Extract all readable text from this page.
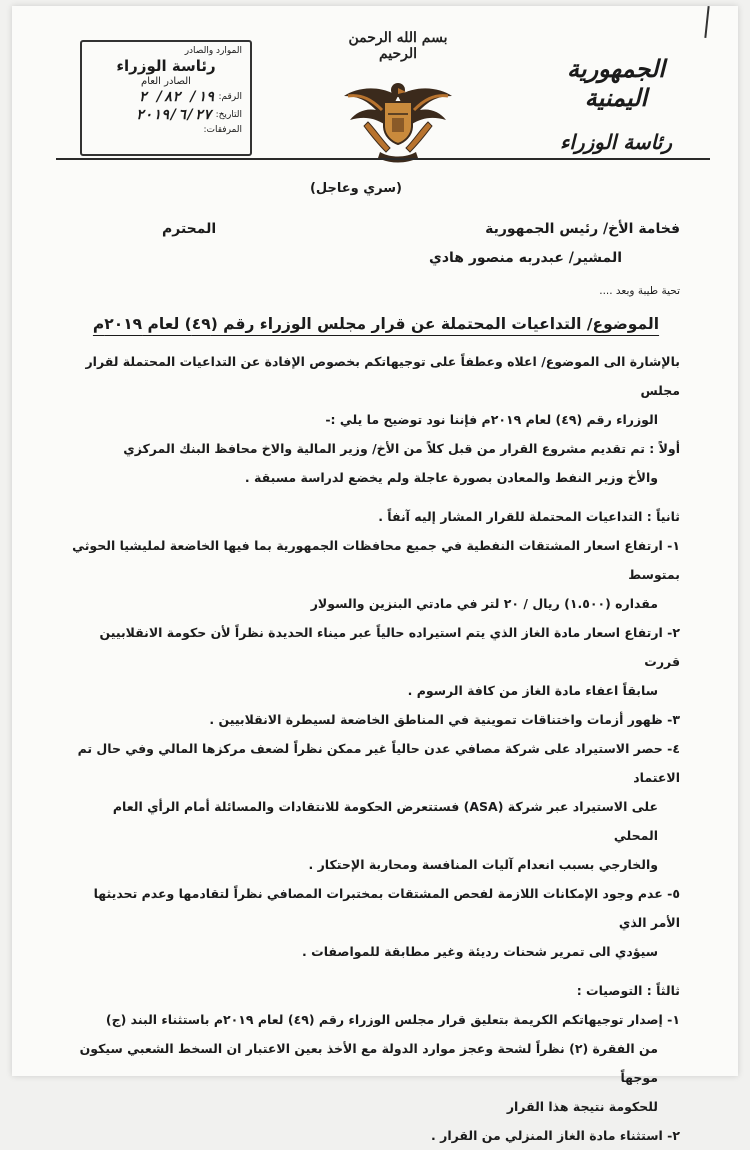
الجمهورية اليمنية
رئاسة الوزراء
بسم الله الرحمن الرحيم
الموارد والصادر
رئاسة الوزراء
الصادر العام
الرقم:
١٩/ ٨٢/ ٢
التاريخ:
٢٠١٩/٦/٢٧
المرفقات:

(سري وعاجل)

فخامة الأخ/ رئيس الجمهورية
المحترم

المشير/ عبدربه منصور هادي

تحية طيبة وبعد ....

الموضوع/ التداعيات المحتملة عن قرار مجلس الوزراء رقم (٤٩) لعام ٢٠١٩م

بالإشارة الى الموضوع/ اعلاه وعطفاً على توجيهاتكم بخصوص الإفادة عن التداعيات المحتملة لقرار مجلس

الوزراء رقم (٤٩) لعام ٢٠١٩م فإننا نود توضيح ما يلي :-

أولاً : تم تقديم مشروع القرار من قبل كلاً من الأخ/ وزير المالية والاخ محافظ البنك المركزي

والأخ وزير النفط والمعادن بصورة عاجلة ولم يخضع لدراسة مسبقة .

ثانياً : التداعيات المحتملة للقرار المشار إليه آنفاً .

١- ارتفاع اسعار المشتقات النفطية في جميع محافظات الجمهورية بما فيها الخاضعة لمليشيا الحوثي بمتوسط

مقداره (١.٥٠٠) ريال / ٢٠ لتر في مادتي البنزين والسولار

٢- ارتفاع اسعار مادة الغاز الذي يتم استيراده حالياً عبر ميناء الحديدة نظراً لأن حكومة الانقلابيين قررت

سابقاً اعفاء مادة الغاز من كافة الرسوم .

٣- ظهور أزمات واختناقات تموينية في المناطق الخاضعة لسيطرة الانقلابيين .

٤- حصر الاستيراد على شركة مصافي عدن حالياً غير ممكن نظراً لضعف مركزها المالي وفي حال تم الاعتماد

على الاستيراد عبر شركة (ASA) فستتعرض الحكومة للانتقادات والمسائلة أمام الرأي العام المحلي

والخارجي بسبب انعدام آليات المنافسة ومحاربة الإحتكار .

٥- عدم وجود الإمكانات اللازمة لفحص المشتقات بمختبرات المصافي نظراً لتقادمها وعدم تحديثها الأمر الذي

سيؤدي الى تمرير شحنات رديئة وغير مطابقة للمواصفات .

ثالثاً : التوصيات :

١- إصدار توجيهاتكم الكريمة بتعليق قرار مجلس الوزراء رقم (٤٩) لعام ٢٠١٩م باستثناء البند (ج)

من الفقرة (٢) نظراً لشحة وعجز موارد الدولة مع الأخذ بعين الاعتبار ان السخط الشعبي سيكون موجهاً

للحكومة نتيجة هذا القرار

٢- استثناء مادة الغاز المنزلي من القرار .
